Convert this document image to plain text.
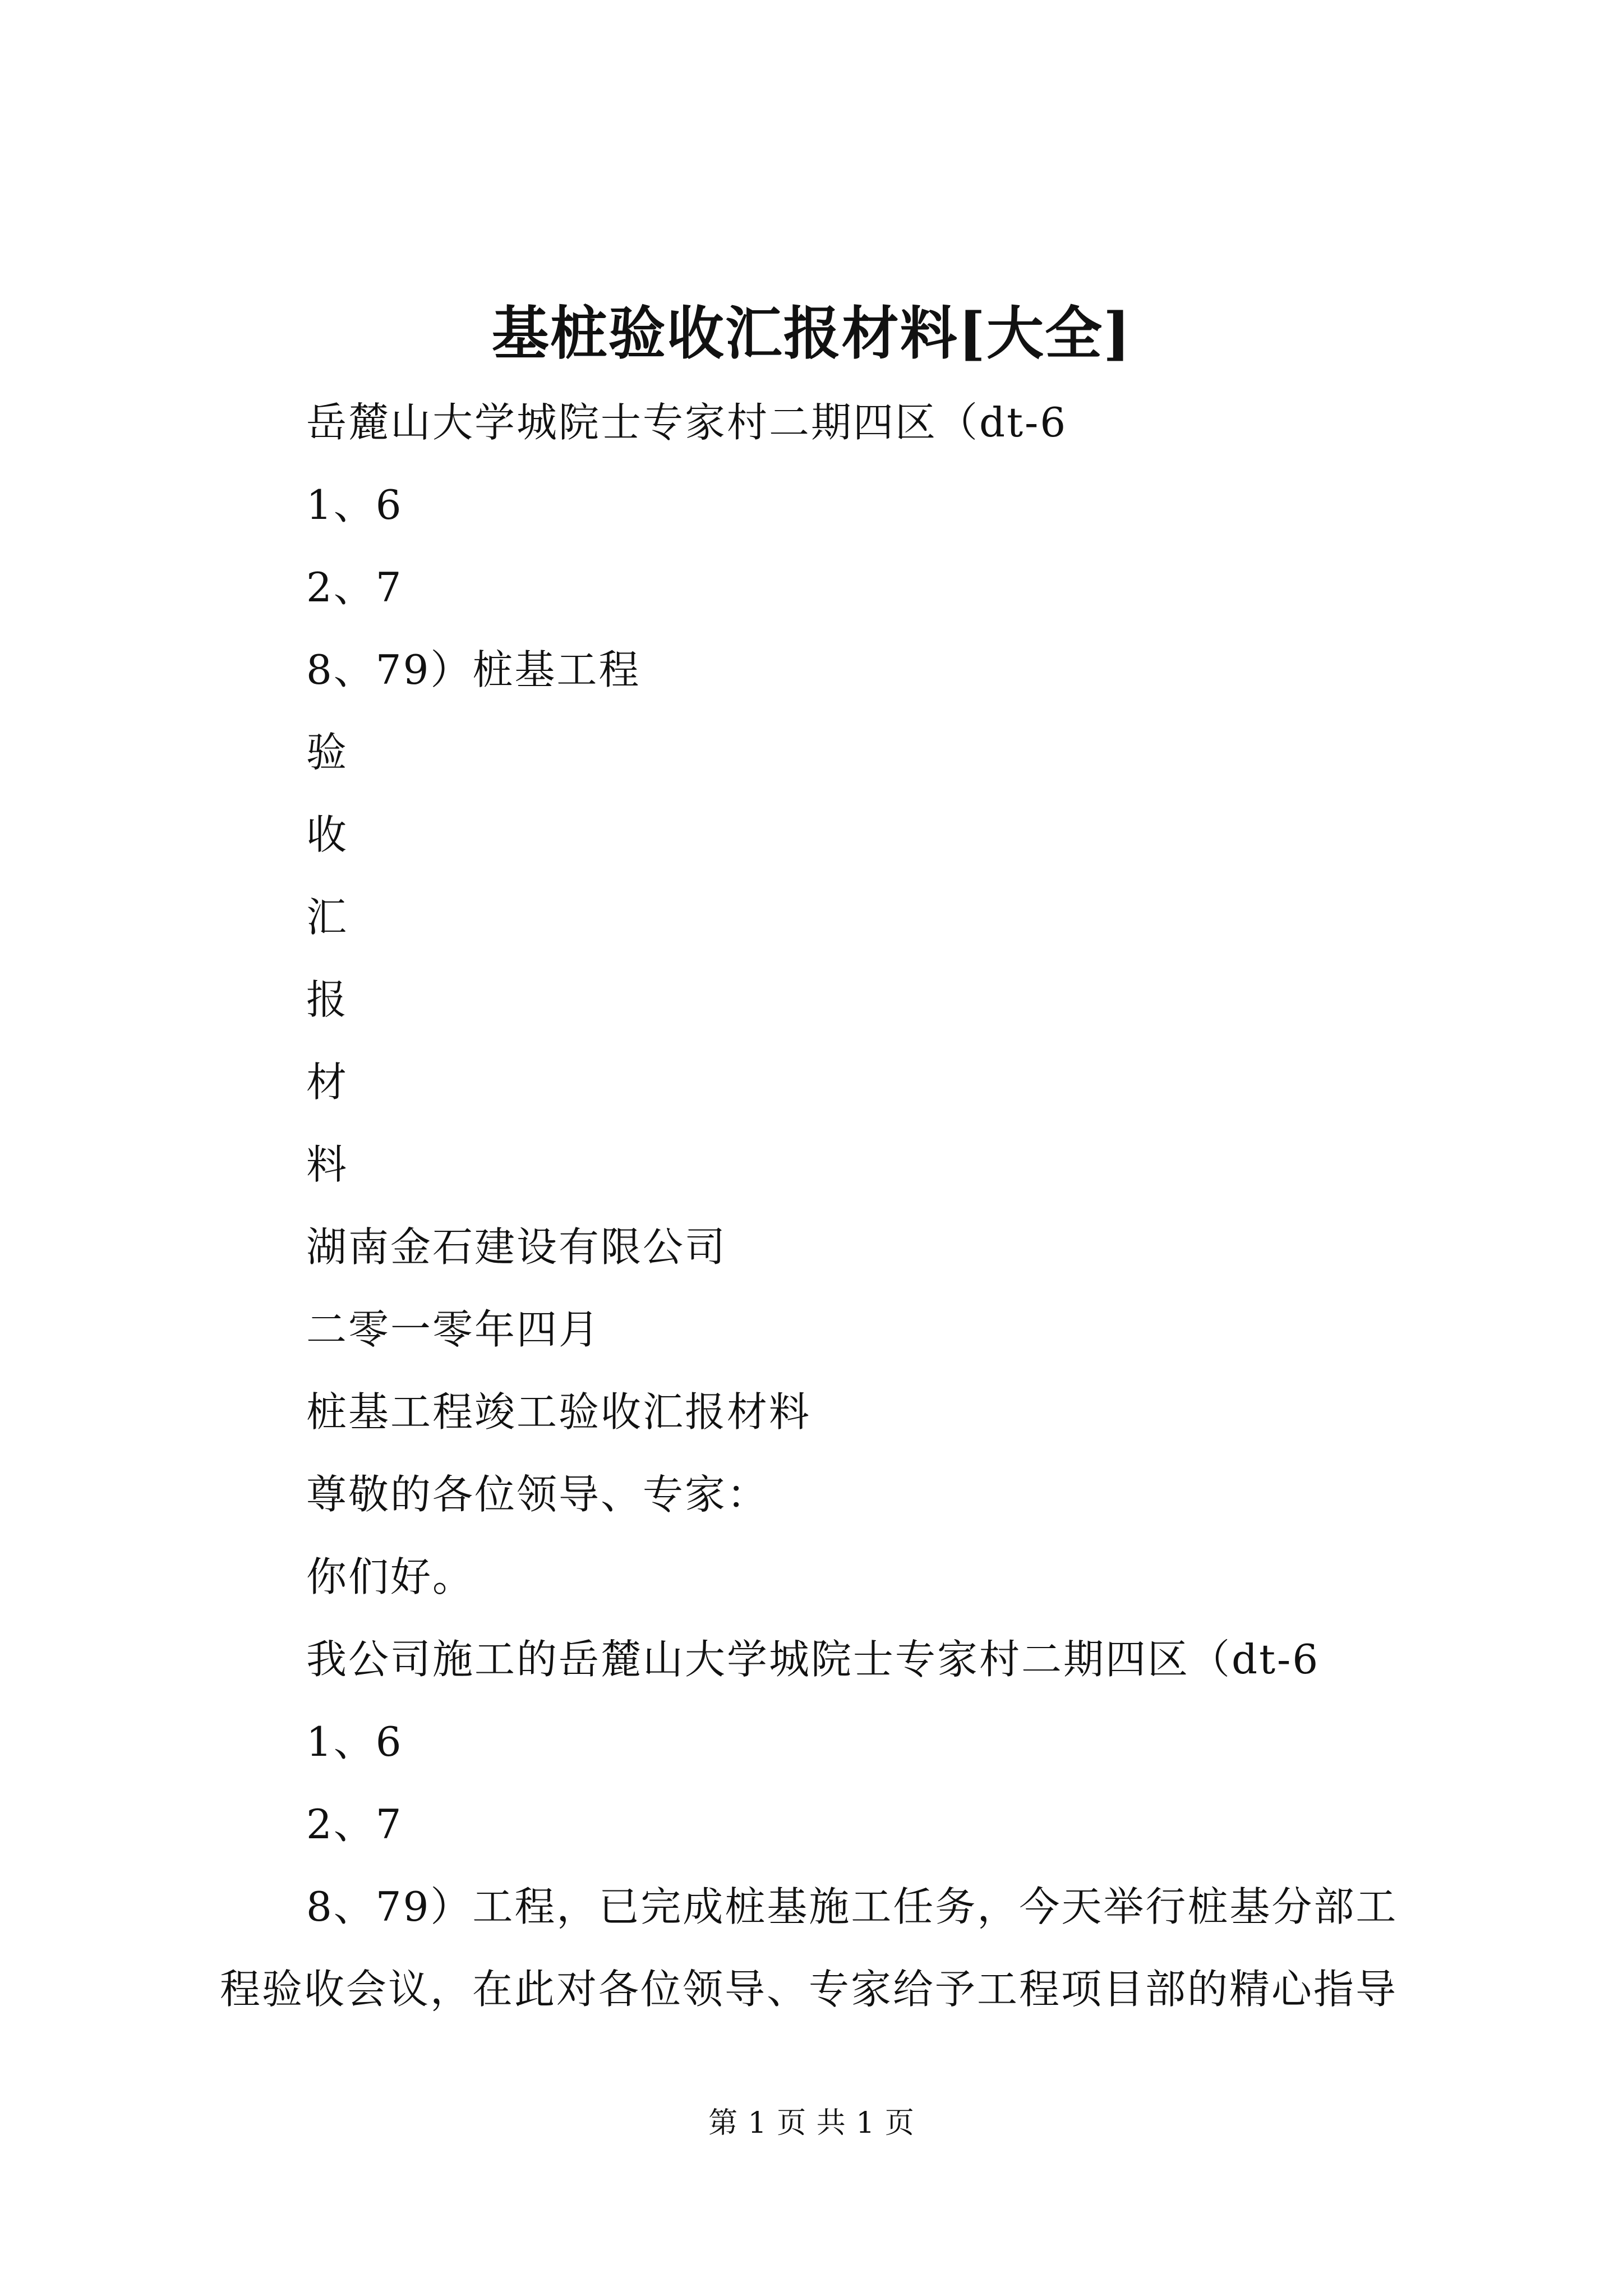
基桩验收汇报材料[大全]
岳麓山大学城院士专家村二期四区（dt-6
1、6
2、7
8、79）桩基工程
验
收
汇
报
材
料
湖南金石建设有限公司
二零一零年四月
桩基工程竣工验收汇报材料
尊敬的各位领导、专家：
你们好。
我公司施工的岳麓山大学城院士专家村二期四区（dt-6
1、6
2、7
8、79）工程，已完成桩基施工任务，今天举行桩基分部工
程验收会议，在此对各位领导、专家给予工程项目部的精心指导
第 1 页 共 1 页
